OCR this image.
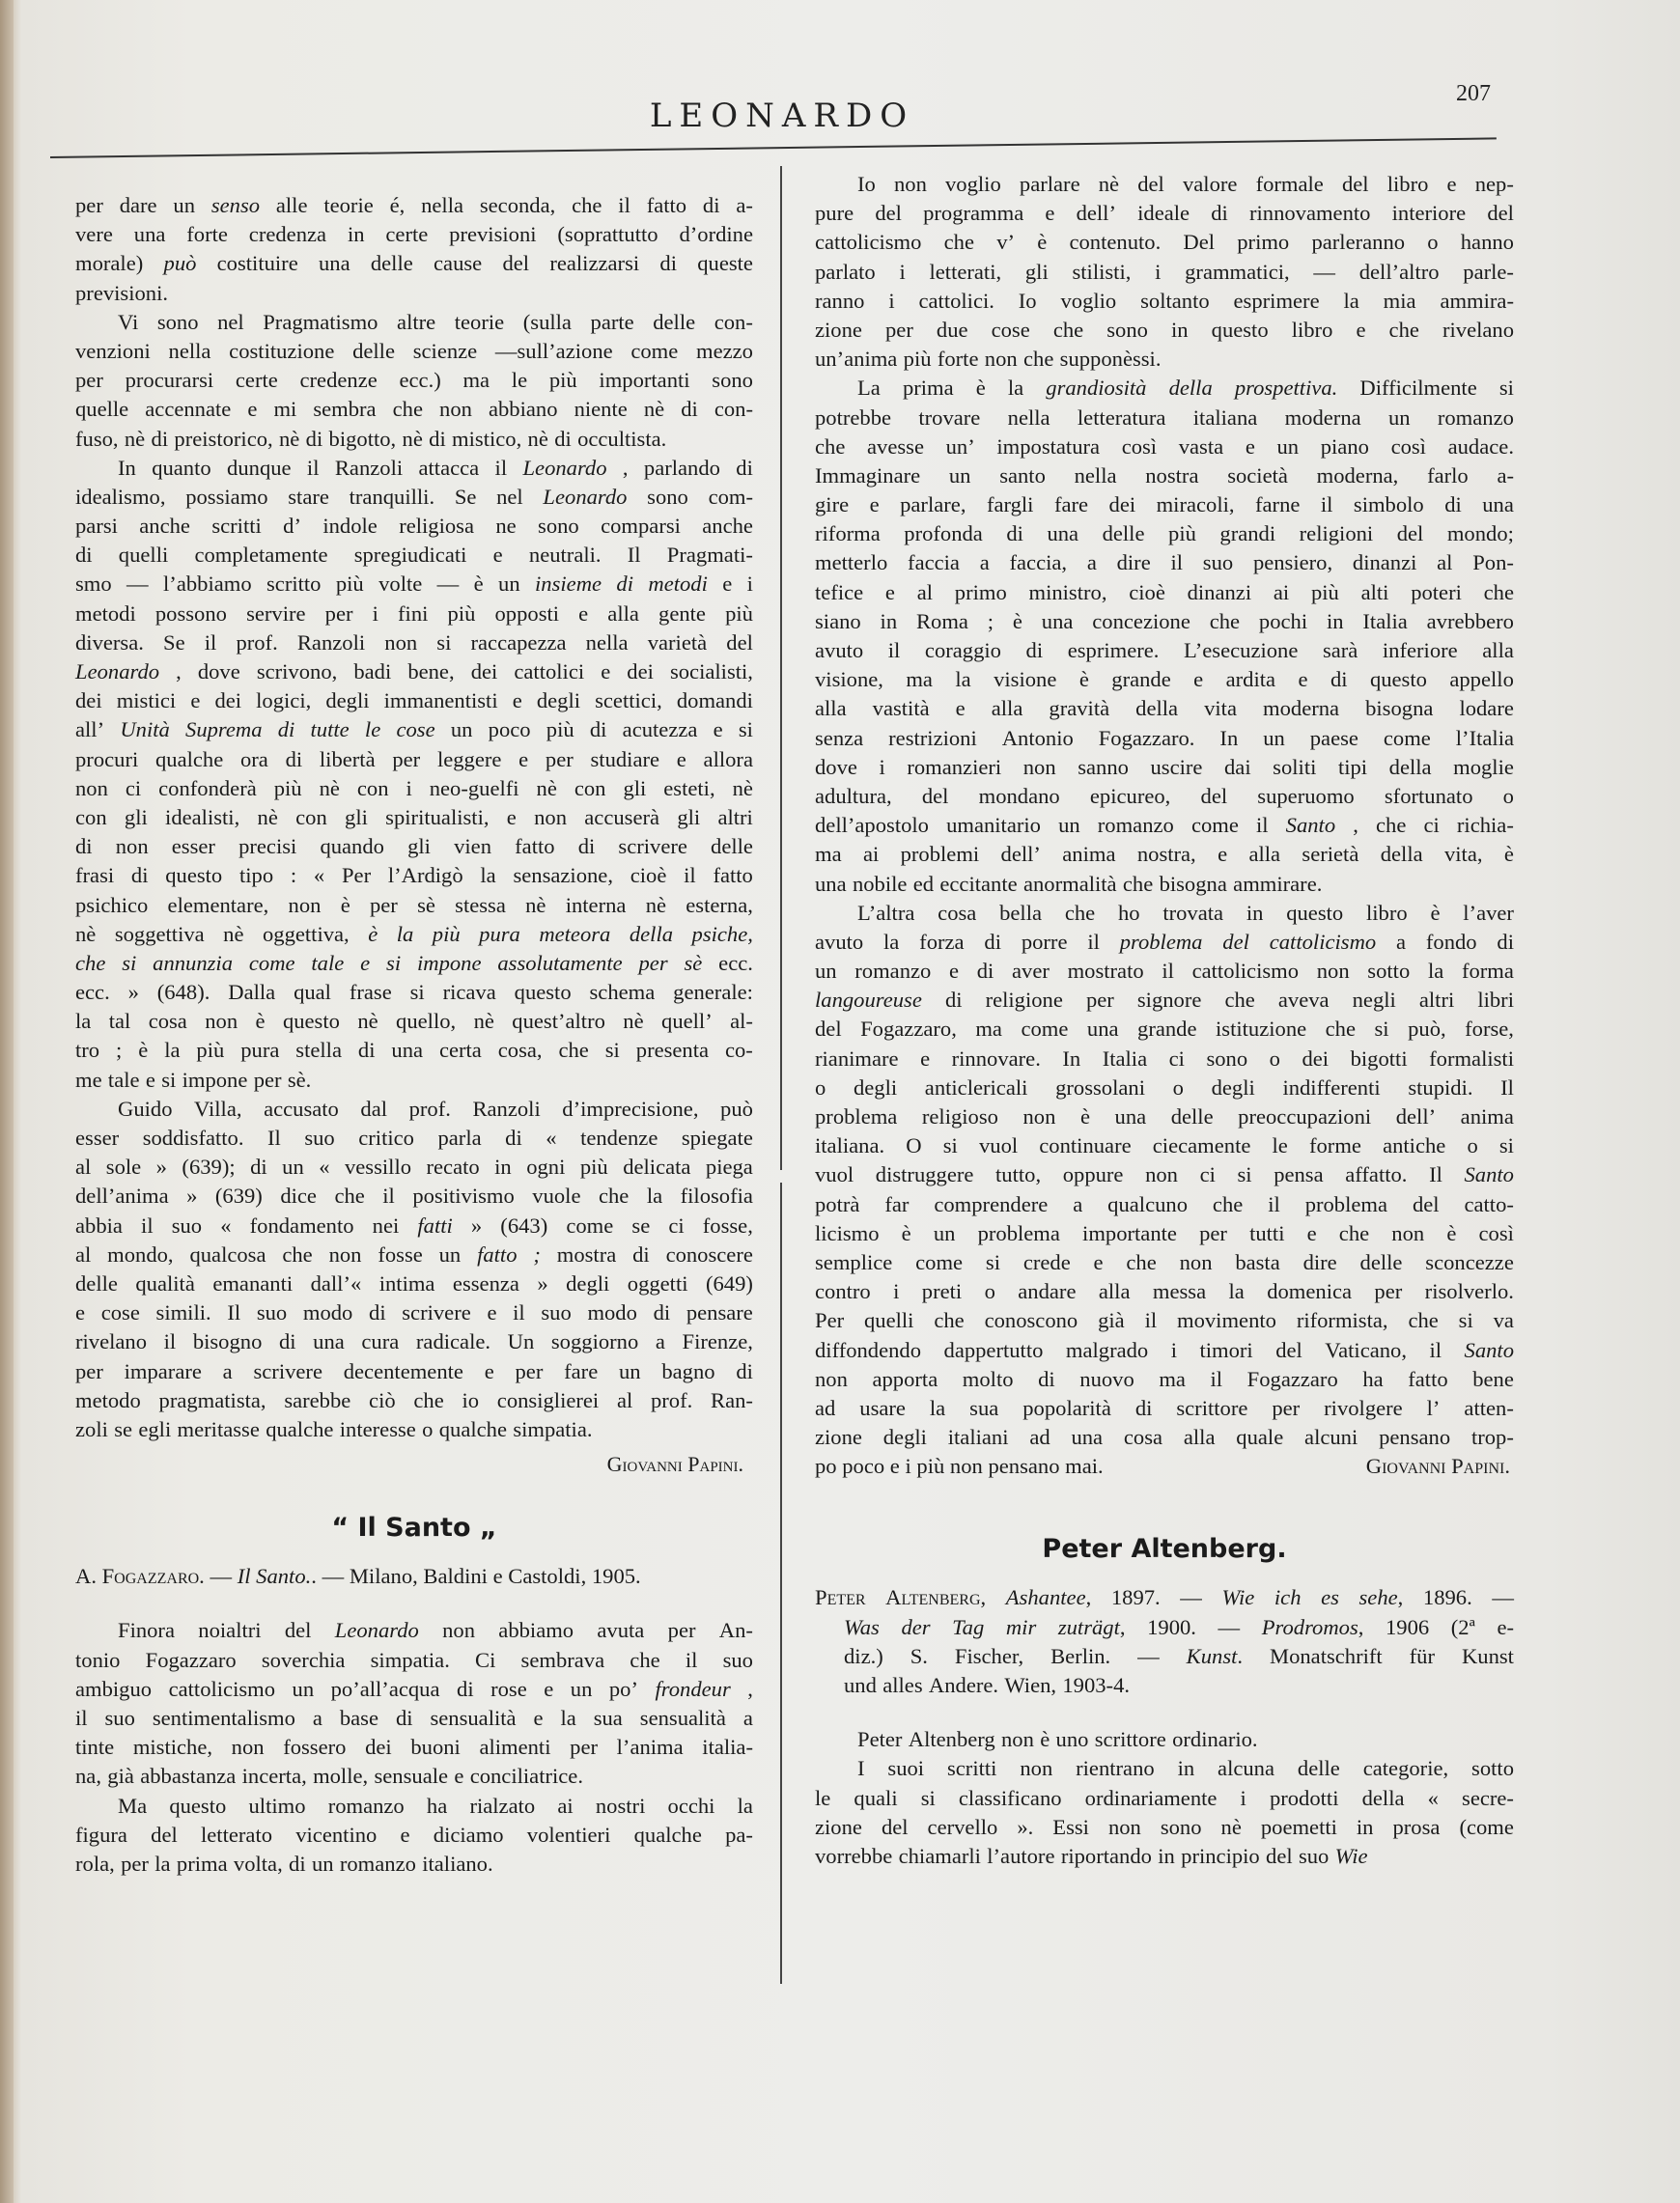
LEONARDO
207
per dare un senso alle teorie é, nella seconda, che il fatto di a-
vere una forte credenza in certe previsioni (soprattutto d’ordine
morale) può costituire una delle cause del realizzarsi di queste
previsioni.
Vi sono nel Pragmatismo altre teorie (sulla parte delle con-
venzioni nella costituzione delle scienze —sull’azione come mezzo
per procurarsi certe credenze ecc.) ma le più importanti sono
quelle accennate e mi sembra che non abbiano niente nè di con-
fuso, nè di preistorico, nè di bigotto, nè di mistico, nè di occultista.
In quanto dunque il Ranzoli attacca il Leonardo , parlando di
idealismo, possiamo stare tranquilli. Se nel Leonardo sono com-
parsi anche scritti d’ indole religiosa ne sono comparsi anche
di quelli completamente spregiudicati e neutrali. Il Pragmati-
smo — l’abbiamo scritto più volte — è un insieme di metodi e i
metodi possono servire per i fini più opposti e alla gente più
diversa. Se il prof. Ranzoli non si raccapezza nella varietà del
Leonardo , dove scrivono, badi bene, dei cattolici e dei socialisti,
dei mistici e dei logici, degli immanentisti e degli scettici, domandi
all’ Unità Suprema di tutte le cose un poco più di acutezza e si
procuri qualche ora di libertà per leggere e per studiare e allora
non ci confonderà più nè con i neo-guelfi nè con gli esteti, nè
con gli idealisti, nè con gli spiritualisti, e non accuserà gli altri
di non esser precisi quando gli vien fatto di scrivere delle
frasi di questo tipo : « Per l’Ardigò la sensazione, cioè il fatto
psichico elementare, non è per sè stessa nè interna nè esterna,
nè soggettiva nè oggettiva, è la più pura meteora della psiche,
che si annunzia come tale e si impone assolutamente per sè ecc.
ecc. » (648). Dalla qual frase si ricava questo schema generale:
la tal cosa non è questo nè quello, nè quest’altro nè quell’ al-
tro ; è la più pura stella di una certa cosa, che si presenta co-
me tale e si impone per sè.
Guido Villa, accusato dal prof. Ranzoli d’imprecisione, può
esser soddisfatto. Il suo critico parla di « tendenze spiegate
al sole » (639); di un « vessillo recato in ogni più delicata piega
dell’anima » (639) dice che il positivismo vuole che la filosofia
abbia il suo « fondamento nei fatti » (643) come se ci fosse,
al mondo, qualcosa che non fosse un fatto ; mostra di conoscere
delle qualità emananti dall’« intima essenza » degli oggetti (649)
e cose simili. Il suo modo di scrivere e il suo modo di pensare
rivelano il bisogno di una cura radicale. Un soggiorno a Firenze,
per imparare a scrivere decentemente e per fare un bagno di
metodo pragmatista, sarebbe ciò che io consiglierei al prof. Ran-
zoli se egli meritasse qualche interesse o qualche simpatia.
Giovanni Papini.
“ Il Santo „
A. Fogazzaro. — Il Santo. . — Milano, Baldini e Castoldi, 1905.
Finora noialtri del Leonardo non abbiamo avuta per An-
tonio Fogazzaro soverchia simpatia. Ci sembrava che il suo
ambiguo cattolicismo un po’all’acqua di rose e un po’ frondeur ,
il suo sentimentalismo a base di sensualità e la sua sensualità a
tinte mistiche, non fossero dei buoni alimenti per l’anima italia-
na, già abbastanza incerta, molle, sensuale e conciliatrice.
Ma questo ultimo romanzo ha rialzato ai nostri occhi la
figura del letterato vicentino e diciamo volentieri qualche pa-
rola, per la prima volta, di un romanzo italiano.
Io non voglio parlare nè del valore formale del libro e nep-
pure del programma e dell’ ideale di rinnovamento interiore del
cattolicismo che v’ è contenuto. Del primo parleranno o hanno
parlato i letterati, gli stilisti, i grammatici, — dell’altro parle-
ranno i cattolici. Io voglio soltanto esprimere la mia ammira-
zione per due cose che sono in questo libro e che rivelano
un’anima più forte non che supponèssi.
La prima è la grandiosità della prospettiva. Difficilmente si
potrebbe trovare nella letteratura italiana moderna un romanzo
che avesse un’ impostatura così vasta e un piano così audace.
Immaginare un santo nella nostra società moderna, farlo a-
gire e parlare, fargli fare dei miracoli, farne il simbolo di una
riforma profonda di una delle più grandi religioni del mondo;
metterlo faccia a faccia, a dire il suo pensiero, dinanzi al Pon-
tefice e al primo ministro, cioè dinanzi ai più alti poteri che
siano in Roma ; è una concezione che pochi in Italia avrebbero
avuto il coraggio di esprimere. L’esecuzione sarà inferiore alla
visione, ma la visione è grande e ardita e di questo appello
alla vastità e alla gravità della vita moderna bisogna lodare
senza restrizioni Antonio Fogazzaro. In un paese come l’Italia
dove i romanzieri non sanno uscire dai soliti tipi della moglie
adultura, del mondano epicureo, del superuomo sfortunato o
dell’apostolo umanitario un romanzo come il Santo , che ci richia-
ma ai problemi dell’ anima nostra, e alla serietà della vita, è
una nobile ed eccitante anormalità che bisogna ammirare.
L’altra cosa bella che ho trovata in questo libro è l’aver
avuto la forza di porre il problema del cattolicismo a fondo di
un romanzo e di aver mostrato il cattolicismo non sotto la forma
langoureuse di religione per signore che aveva negli altri libri
del Fogazzaro, ma come una grande istituzione che si può, forse,
rianimare e rinnovare. In Italia ci sono o dei bigotti formalisti
o degli anticlericali grossolani o degli indifferenti stupidi. Il
problema religioso non è una delle preoccupazioni dell’ anima
italiana. O si vuol continuare ciecamente le forme antiche o si
vuol distruggere tutto, oppure non ci si pensa affatto. Il Santo
potrà far comprendere a qualcuno che il problema del catto-
licismo è un problema importante per tutti e che non è così
semplice come si crede e che non basta dire delle sconcezze
contro i preti o andare alla messa la domenica per risolverlo.
Per quelli che conoscono già il movimento riformista, che si va
diffondendo dappertutto malgrado i timori del Vaticano, il Santo
non apporta molto di nuovo ma il Fogazzaro ha fatto bene
ad usare la sua popolarità di scrittore per rivolgere l’ atten-
zione degli italiani ad una cosa alla quale alcuni pensano trop-
po poco e i più non pensano mai.	Giovanni Papini.
Peter Altenberg.
Peter Altenberg, Ashantee, 1897. — Wie ich es sehe, 1896. —
Was der Tag mir zuträgt, 1900. — Prodromos, 1906 (2ª e-
diz.) S. Fischer, Berlin. — Kunst. Monatschrift für Kunst
und alles Andere. Wien, 1903-4.
Peter Altenberg non è uno scrittore ordinario.
I suoi scritti non rientrano in alcuna delle categorie, sotto
le quali si classificano ordinariamente i prodotti della « secre-
zione del cervello ». Essi non sono nè poemetti in prosa (come
vorrebbe chiamarli l’autore riportando in principio del suo Wie
